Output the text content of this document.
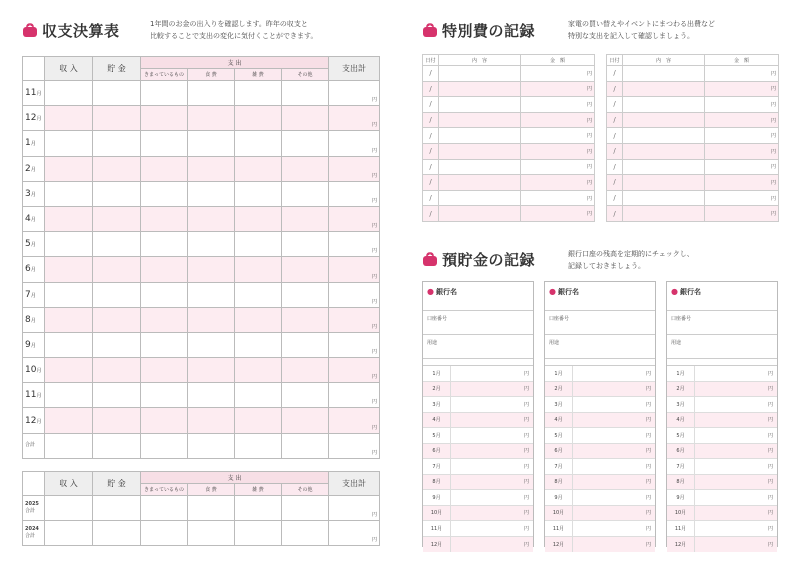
収支決算表	1年間のお金の出入りを確認します。昨年の収支と
比較することで支出の変化に気付くことができます。
	収 入	貯 金	支 出				支出計
			きまっているもの	食 費	雑 費	その他	
11月							円
12月							円
1月							円
2月							円
3月							円
4月							円
5月							円
6月							円
7月							円
8月							円
9月							円
10月							円
11月							円
12月							円
合計							円
	収 入	貯 金	支 出				支出計
			きまっているもの	食 費	雑 費	その他	

2025
合計							円

2024
合計							円
特別費の記録	家電の買い替えやイベントにまつわる出費など
特別な支出を記入して確認しましょう。
日付	内　容	金　額
/		円
/		円
/		円
/		円
/		円
/		円
/		円
/		円
/		円
/		円
日付	内　容	金　額
/		円
/		円
/		円
/		円
/		円
/		円
/		円
/		円
/		円
/		円
預貯金の記録	銀行口座の残高を定期的にチェックし、
記録しておきましょう。
● 銀行名
口座番号
用途
1月	円
2月	円
3月	円
4月	円
5月	円
6月	円
7月	円
8月	円
9月	円
10月	円
11月	円
12月	円
● 銀行名
口座番号
用途
1月	円
2月	円
3月	円
4月	円
5月	円
6月	円
7月	円
8月	円
9月	円
10月	円
11月	円
12月	円
● 銀行名
口座番号
用途
1月	円
2月	円
3月	円
4月	円
5月	円
6月	円
7月	円
8月	円
9月	円
10月	円
11月	円
12月	円
